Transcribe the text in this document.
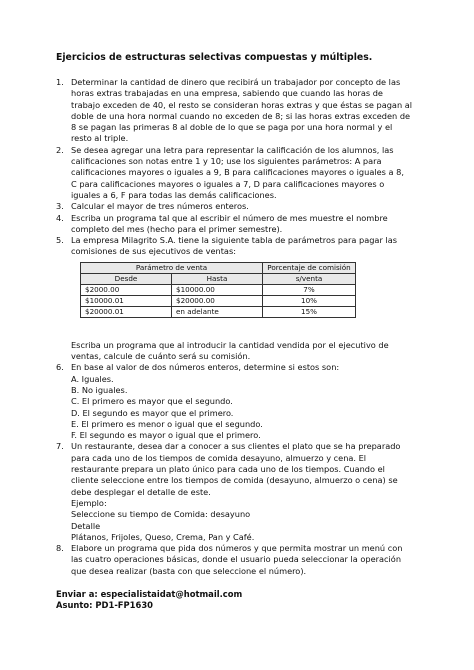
Ejercicios de estructuras selectivas compuestas y múltiples.
1. Determinar la cantidad de dinero que recibirá un trabajador por concepto de las
horas extras trabajadas en una empresa, sabiendo que cuando las horas de
trabajo exceden de 40, el resto se consideran horas extras y que éstas se pagan al
doble de una hora normal cuando no exceden de 8; si las horas extras exceden de
8 se pagan las primeras 8 al doble de lo que se paga por una hora normal y el
resto al triple.
2. Se desea agregar una letra para representar la calificación de los alumnos, las
calificaciones son notas entre 1 y 10; use los siguientes parámetros: A para
calificaciones mayores o iguales a 9, B para calificaciones mayores o iguales a 8,
C para calificaciones mayores o iguales a 7, D para calificaciones mayores o
iguales a 6, F para todas las demás calificaciones.
3. Calcular el mayor de tres números enteros.
4. Escriba un programa tal que al escribir el número de mes muestre el nombre
completo del mes (hecho para el primer semestre).
5. La empresa Milagrito S.A. tiene la siguiente tabla de parámetros para pagar las
comisiones de sus ejecutivos de ventas:
Parámetro de venta		Porcentaje de comisión
Desde	Hasta	s/venta
$2000.00	$10000.00	7%
$10000.01	$20000.00	10%
$20000.01	en adelante	15%
Escriba un programa que al introducir la cantidad vendida por el ejecutivo de
ventas, calcule de cuánto será su comisión.
6. En base al valor de dos números enteros, determine si estos son:
A. Iguales.
B. No iguales.
C. El primero es mayor que el segundo.
D. El segundo es mayor que el primero.
E. El primero es menor o igual que el segundo.
F. El segundo es mayor o igual que el primero.
7. Un restaurante, desea dar a conocer a sus clientes el plato que se ha preparado
para cada uno de los tiempos de comida desayuno, almuerzo y cena. El
restaurante prepara un plato único para cada uno de los tiempos. Cuando el
cliente seleccione entre los tiempos de comida (desayuno, almuerzo o cena) se
debe desplegar el detalle de este.
Ejemplo:
Seleccione su tiempo de Comida: desayuno
Detalle
Plátanos, Frijoles, Queso, Crema, Pan y Café.
8. Elabore un programa que pida dos números y que permita mostrar un menú con
las cuatro operaciones básicas, donde el usuario pueda seleccionar la operación
que desea realizar (basta con que seleccione el número).
Enviar a: especialistaidat@hotmail.com
Asunto: PD1-FP1630
